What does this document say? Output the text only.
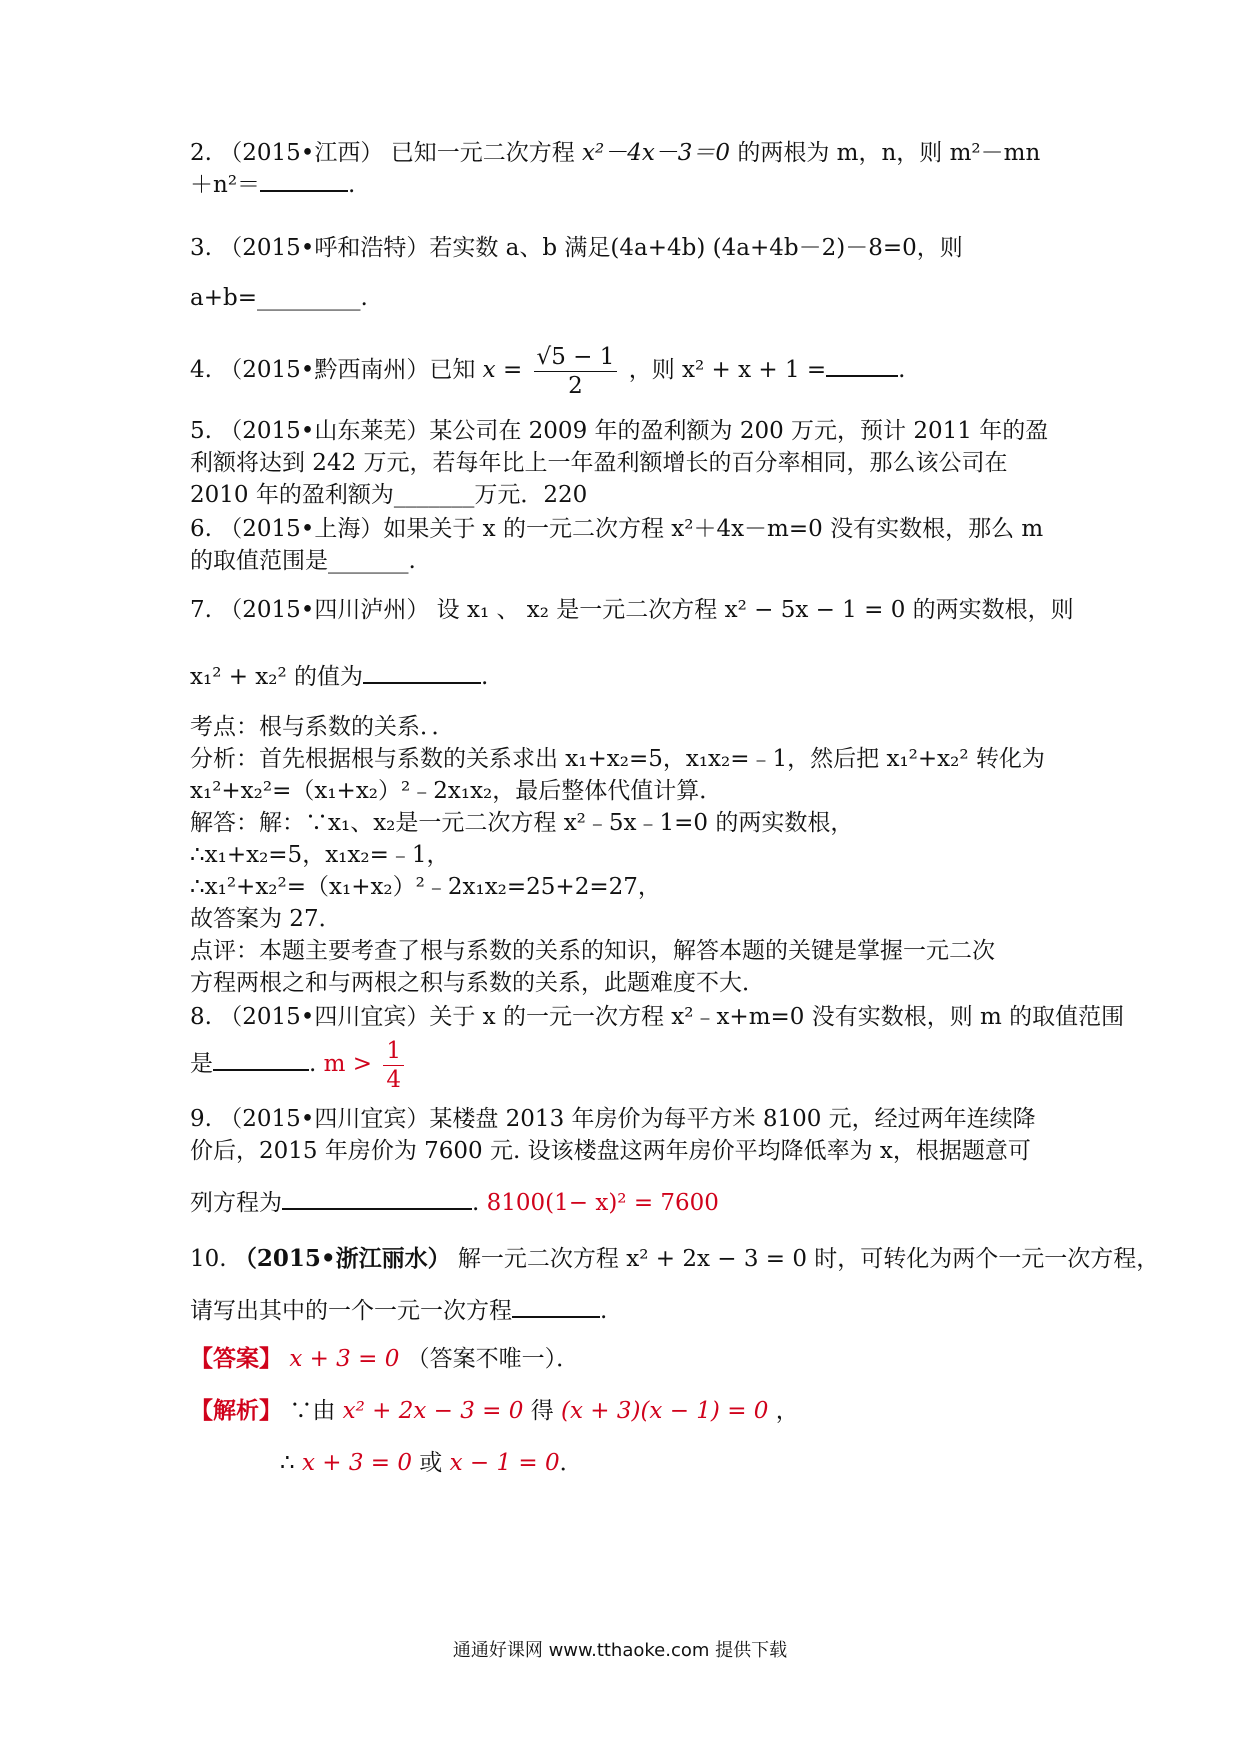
2. （2015•江西） 已知一元二次方程 x²－4x－3＝0 的两根为 m，n，则 m²－mn
＋n²＝	.
3. （2015•呼和浩特）若实数 a、b 满足(4a+4b) (4a+4b－2)－8=0，则
a+b=_________.
4. （2015•黔西南州）已知 $x = \frac{√5 - 1}{2}$ ，则 x² + x + 1 =	.
5. （2015•山东莱芜）某公司在 2009 年的盈利额为 200 万元，预计 2011 年的盈
利额将达到 242 万元，若每年比上一年盈利额增长的百分率相同，那么该公司在
2010 年的盈利额为_______万元．220
6. （2015•上海）如果关于 x 的一元二次方程 x²＋4x－m=0 没有实数根，那么 m
的取值范围是_______.
7. （2015•四川泸州） 设 x₁ 、 x₂ 是一元二次方程 x² − 5x − 1 = 0 的两实数根，则
x₁² + x₂² 的值为	.
考点：根与系数的关系．．
分析：首先根据根与系数的关系求出 x₁+x₂=5，x₁x₂=﹣1，然后把 x₁²+x₂² 转化为
x₁²+x₂²=（x₁+x₂）²﹣2x₁x₂，最后整体代值计算．
解答：解：∵x₁、x₂是一元二次方程 x²﹣5x﹣1=0 的两实数根，
∴x₁+x₂=5，x₁x₂=﹣1，
∴x₁²+x₂²=（x₁+x₂）²﹣2x₁x₂=25+2=27，
故答案为 27．
点评：本题主要考查了根与系数的关系的知识，解答本题的关键是掌握一元二次
方程两根之和与两根之积与系数的关系，此题难度不大．
8. （2015•四川宜宾）关于 x 的一元一次方程 x²﹣x+m=0 没有实数根，则 m 的取值范围
是	. $m > \frac{1}{4}$
9. （2015•四川宜宾）某楼盘 2013 年房价为每平方米 8100 元，经过两年连续降
价后，2015 年房价为 7600 元. 设该楼盘这两年房价平均降低率为 x，根据题意可
列方程为	. 8100(1− x)² = 7600
10. （2015•浙江丽水） 解一元二次方程 x² + 2x − 3 = 0 时，可转化为两个一元一次方程，
请写出其中的一个一元一次方程	.
【答案】 x + 3 = 0 （答案不唯一）．
【解析】 ∵由 x² + 2x − 3 = 0 得 (x + 3)(x − 1) = 0 ，
∴ x + 3 = 0 或 x − 1 = 0．
通通好课网 www.tthaoke.com 提供下载
